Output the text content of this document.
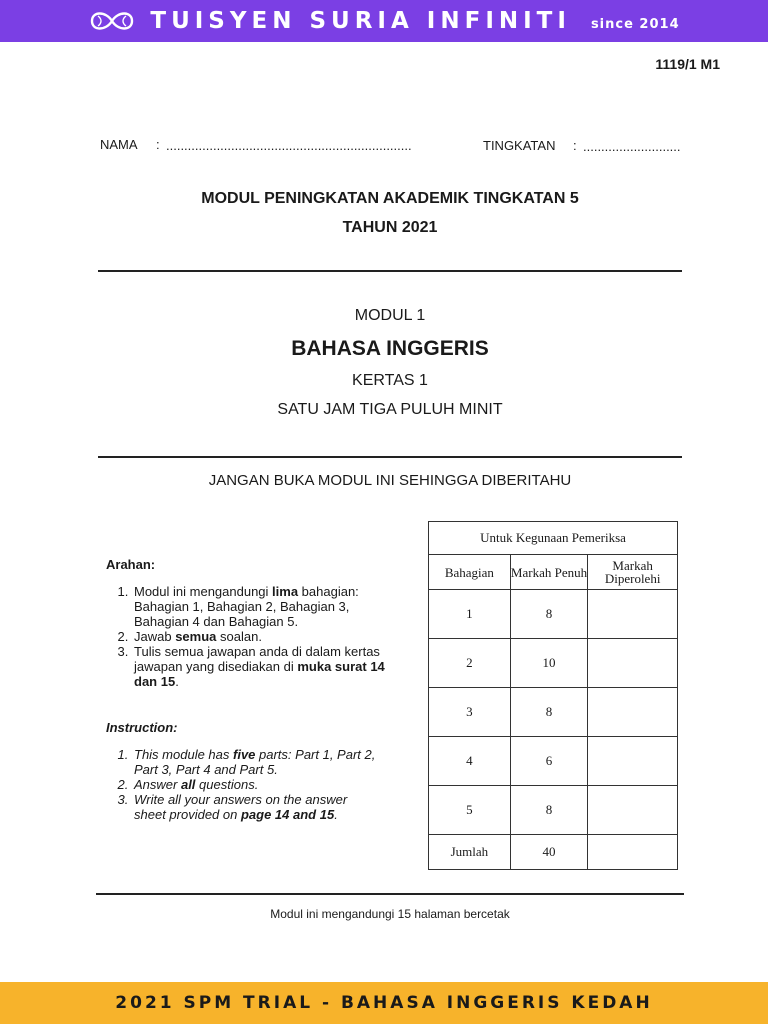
TUISYEN SURIA INFINITI since 2014
1119/1 M1
NAMA : ....................................................................	TINGKATAN : ...........................
MODUL PENINGKATAN AKADEMIK TINGKATAN 5
TAHUN 2021
MODUL 1
BAHASA INGGERIS
KERTAS 1
SATU JAM TIGA PULUH MINIT
JANGAN BUKA MODUL INI SEHINGGA DIBERITAHU
Arahan:
1. Modul ini mengandungi lima bahagian: Bahagian 1, Bahagian 2, Bahagian 3, Bahagian 4 dan Bahagian 5.
2. Jawab semua soalan.
3. Tulis semua jawapan anda di dalam kertas jawapan yang disediakan di muka surat 14 dan 15.
Instruction:
1. This module has five parts: Part 1, Part 2, Part 3, Part 4 and Part 5.
2. Answer all questions.
3. Write all your answers on the answer sheet provided on page 14 and 15.
Untuk Kegunaan Pemeriksa		
Bahagian	Markah Penuh	Markah Diperolehi
1	8	
2	10	
3	8	
4	6	
5	8	
Jumlah	40	
Modul ini mengandungi 15 halaman bercetak
2021 SPM TRIAL - BAHASA INGGERIS KEDAH
